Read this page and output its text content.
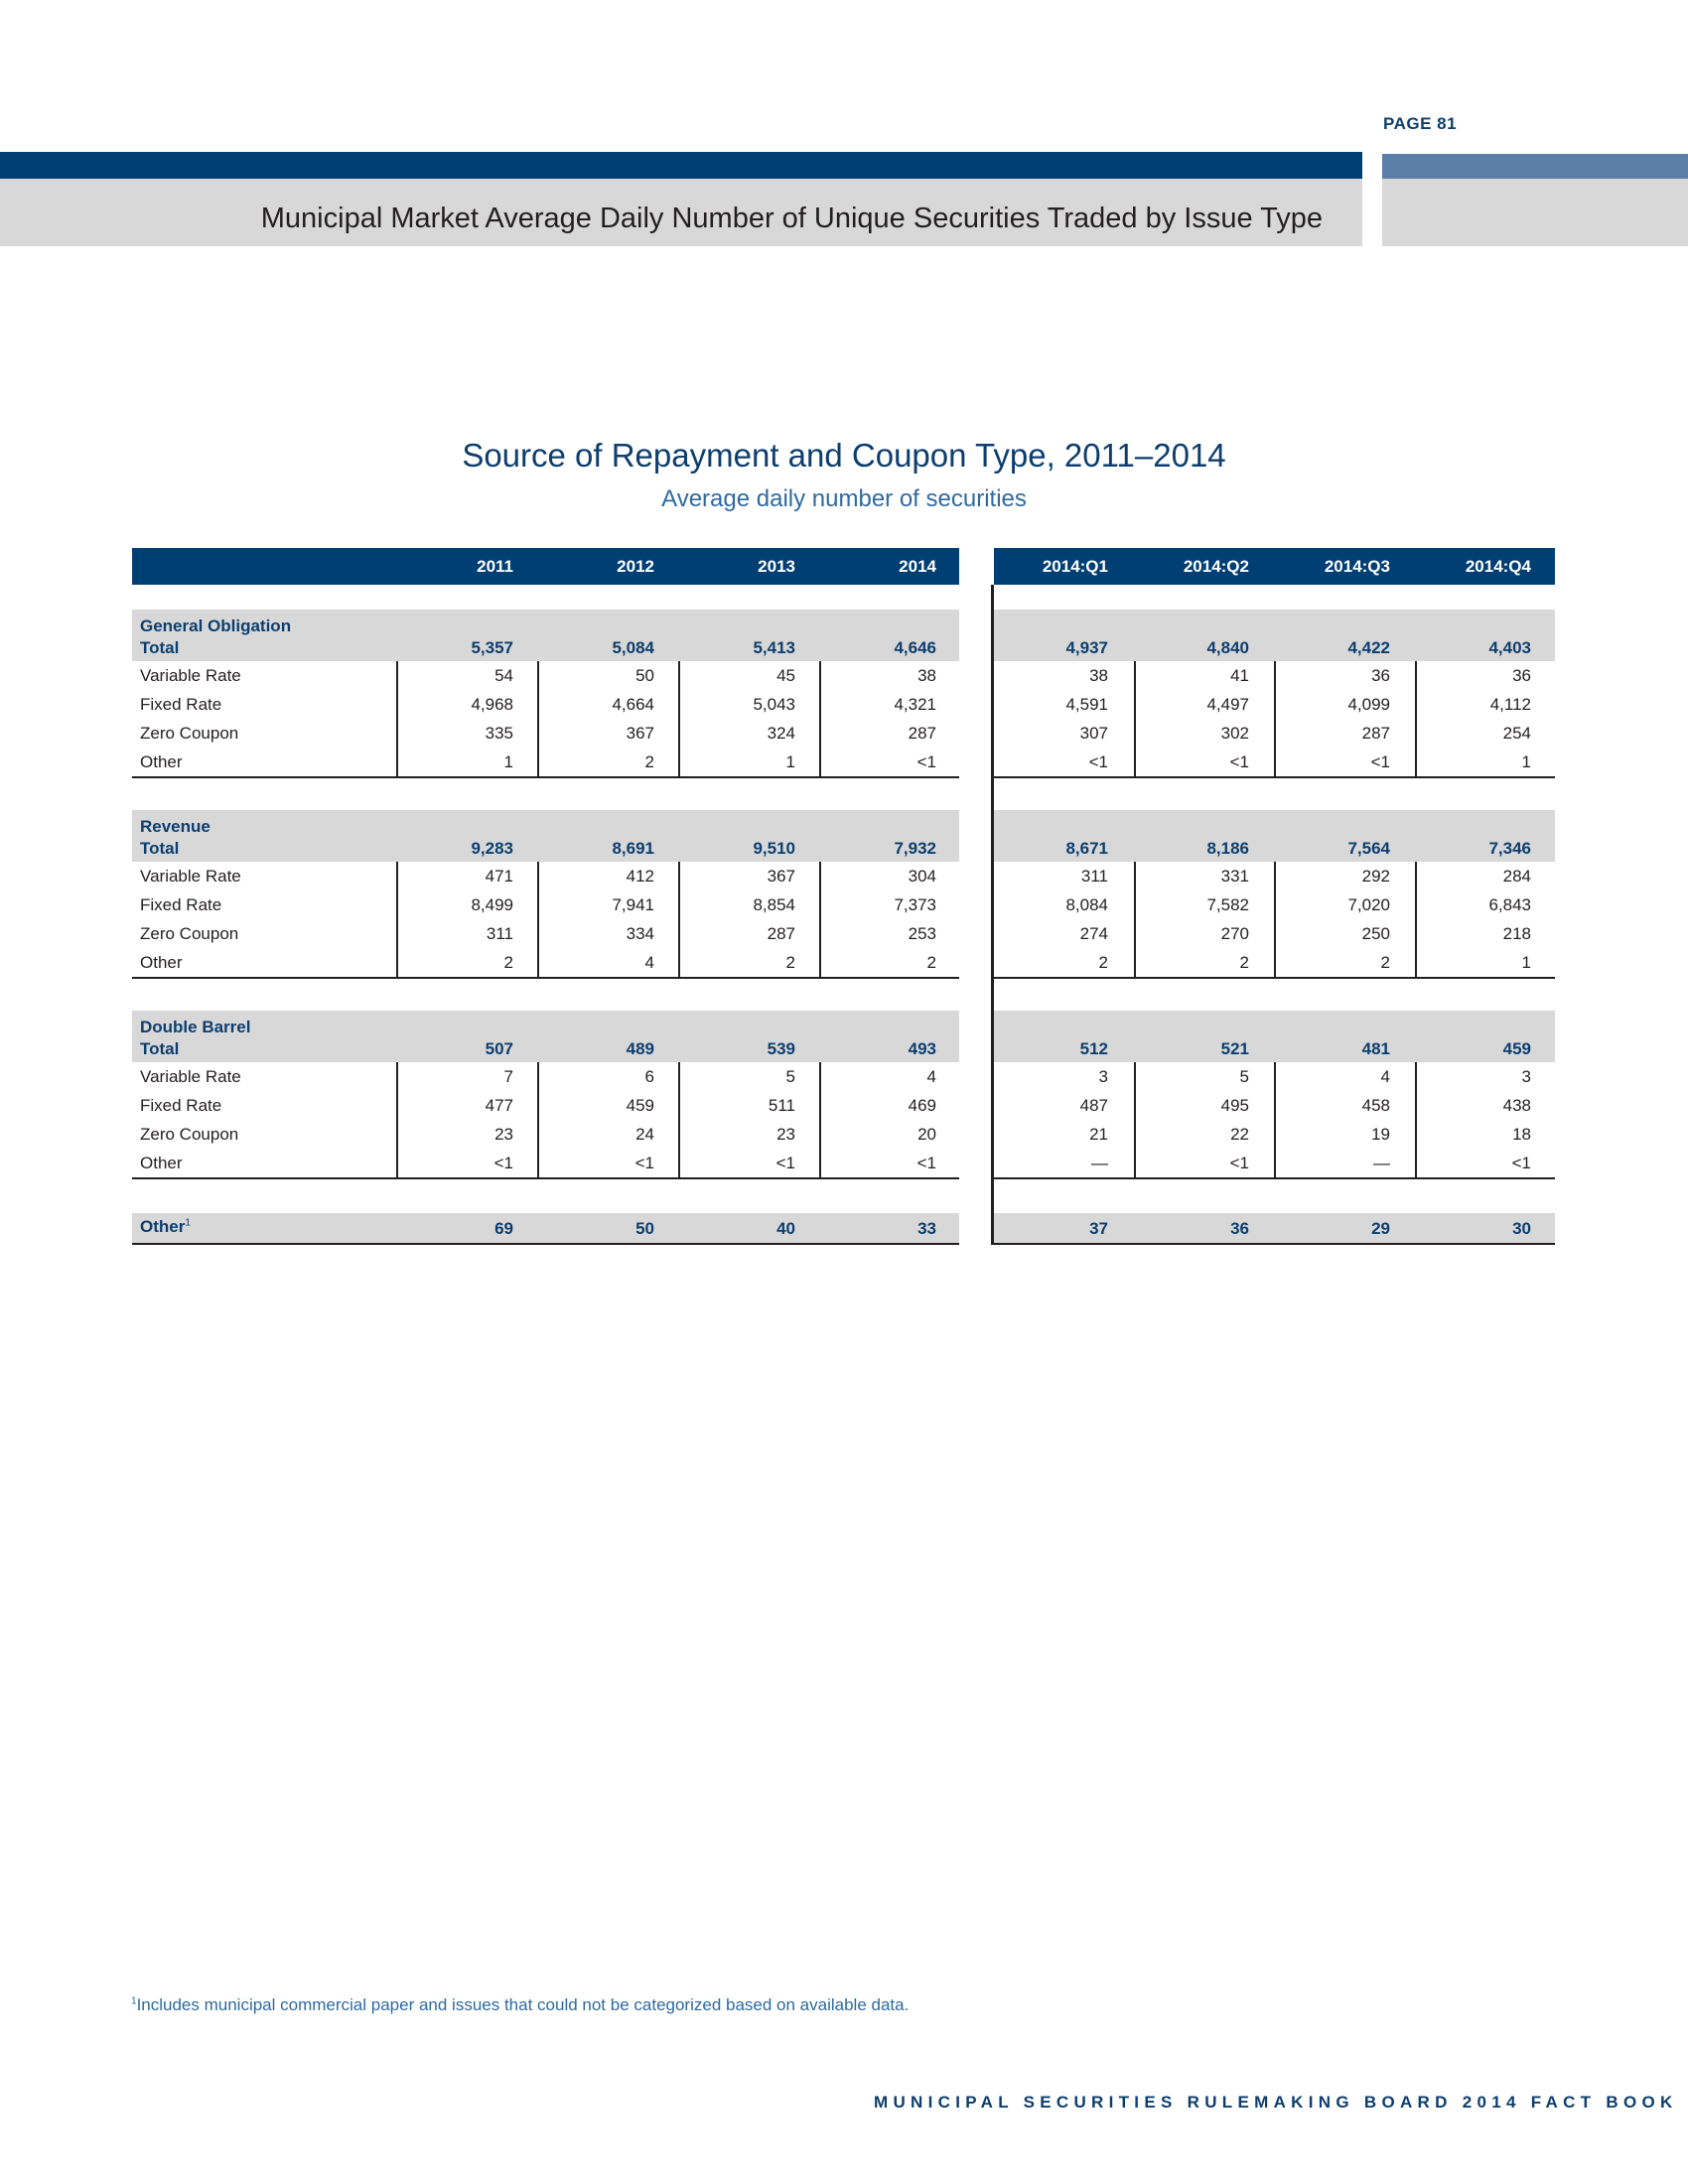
PAGE 81
Municipal Market Average Daily Number of Unique Securities Traded by Issue Type
Source of Repayment and Coupon Type, 2011–2014
Average daily number of securities
2011	2012	2013	2014	2014:Q1	2014:Q2	2014:Q3	2014:Q4
General Obligation
Total	5,357	5,084	5,413	4,646	4,937	4,840	4,422	4,403
Variable Rate	54	50	45	38	38	41	36	36
Fixed Rate	4,968	4,664	5,043	4,321	4,591	4,497	4,099	4,112
Zero Coupon	335	367	324	287	307	302	287	254
Other	1	2	1	<1	<1	<1	<1	1
Revenue
Total	9,283	8,691	9,510	7,932	8,671	8,186	7,564	7,346
Variable Rate	471	412	367	304	311	331	292	284
Fixed Rate	8,499	7,941	8,854	7,373	8,084	7,582	7,020	6,843
Zero Coupon	311	334	287	253	274	270	250	218
Other	2	4	2	2	2	2	2	1
Double Barrel
Total	507	489	539	493	512	521	481	459
Variable Rate	7	6	5	4	3	5	4	3
Fixed Rate	477	459	511	469	487	495	458	438
Zero Coupon	23	24	23	20	21	22	19	18
Other	<1	<1	<1	<1	—	<1	—	<1
Other$^1$	69	50	40	33	37	36	29	30
$^1$Includes municipal commercial paper and issues that could not be categorized based on available data.
MUNICIPAL SECURITIES RULEMAKING BOARD 2014 FACT BOOK
